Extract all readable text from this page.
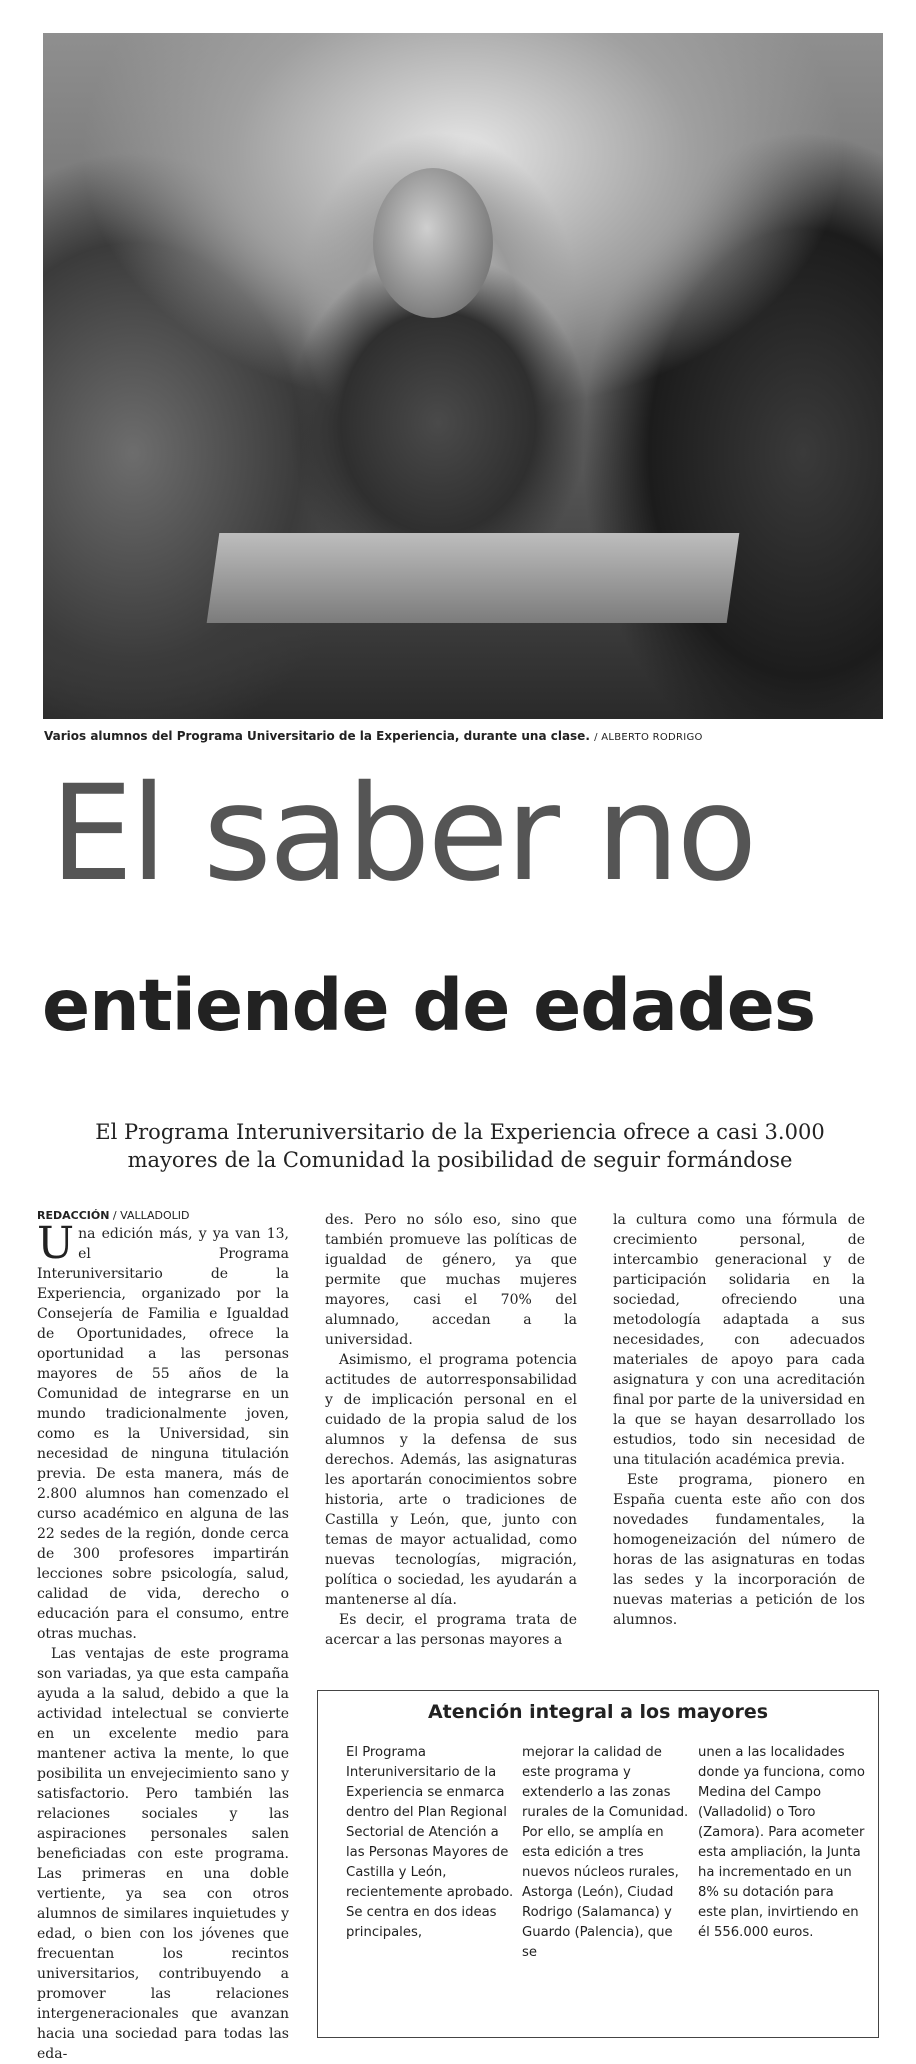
Varios alumnos del Programa Universitario de la Experiencia, durante una clase. / ALBERTO RODRIGO
El saber no
entiende de edades
El Programa Interuniversitario de la Experiencia ofrece a casi 3.000
mayores de la Comunidad la posibilidad de seguir formándose
REDACCIÓN / VALLADOLID

Una edición más, y ya van 13, el Programa Interuniversitario de la Experiencia, organizado por la Consejería de Familia e Igualdad de Oportunidades, ofrece la oportunidad a las personas mayores de 55 años de la Comunidad de integrarse en un mundo tradicionalmente joven, como es la Universidad, sin necesidad de ninguna titulación previa. De esta manera, más de 2.800 alumnos han comenzado el curso académico en alguna de las 22 sedes de la región, donde cerca de 300 profesores impartirán lecciones sobre psicología, salud, calidad de vida, derecho o educación para el consumo, entre otras muchas.

Las ventajas de este programa son variadas, ya que esta campaña ayuda a la salud, debido a que la actividad intelectual se convierte en un excelente medio para mantener activa la mente, lo que posibilita un envejecimiento sano y satisfactorio. Pero también las relaciones sociales y las aspiraciones personales salen beneficiadas con este programa. Las primeras en una doble vertiente, ya sea con otros alumnos de similares inquietudes y edad, o bien con los jóvenes que frecuentan los recintos universitarios, contribuyendo a promover las relaciones intergeneracionales que avanzan hacia una sociedad para todas las eda-

des. Pero no sólo eso, sino que también promueve las políticas de igualdad de género, ya que permite que muchas mujeres mayores, casi el 70% del alumnado, accedan a la universidad.

Asimismo, el programa potencia actitudes de autorresponsabilidad y de implicación personal en el cuidado de la propia salud de los alumnos y la defensa de sus derechos. Además, las asignaturas les aportarán conocimientos sobre historia, arte o tradiciones de Castilla y León, que, junto con temas de mayor actualidad, como nuevas tecnologías, migración, política o sociedad, les ayudarán a mantenerse al día.

Es decir, el programa trata de acercar a las personas mayores a

la cultura como una fórmula de crecimiento personal, de intercambio generacional y de participación solidaria en la sociedad, ofreciendo una metodología adaptada a sus necesidades, con adecuados materiales de apoyo para cada asignatura y con una acreditación final por parte de la universidad en la que se hayan desarrollado los estudios, todo sin necesidad de una titulación académica previa.

Este programa, pionero en España cuenta este año con dos novedades fundamentales, la homogeneización del número de horas de las asignaturas en todas las sedes y la incorporación de nuevas materias a petición de los alumnos.

Atención integral a los mayores
El Programa Interuniversitario de la Experiencia se enmarca dentro del Plan Regional Sectorial de Atención a las Personas Mayores de Castilla y León, recientemente aprobado. Se centra en dos ideas principales,
mejorar la calidad de este programa y extenderlo a las zonas rurales de la Comunidad. Por ello, se amplía en esta edición a tres nuevos núcleos rurales, Astorga (León), Ciudad Rodrigo (Salamanca) y Guardo (Palencia), que se
unen a las localidades donde ya funciona, como Medina del Campo (Valladolid) o Toro (Zamora). Para acometer esta ampliación, la Junta ha incrementado en un 8% su dotación para este plan, invirtiendo en él 556.000 euros.
